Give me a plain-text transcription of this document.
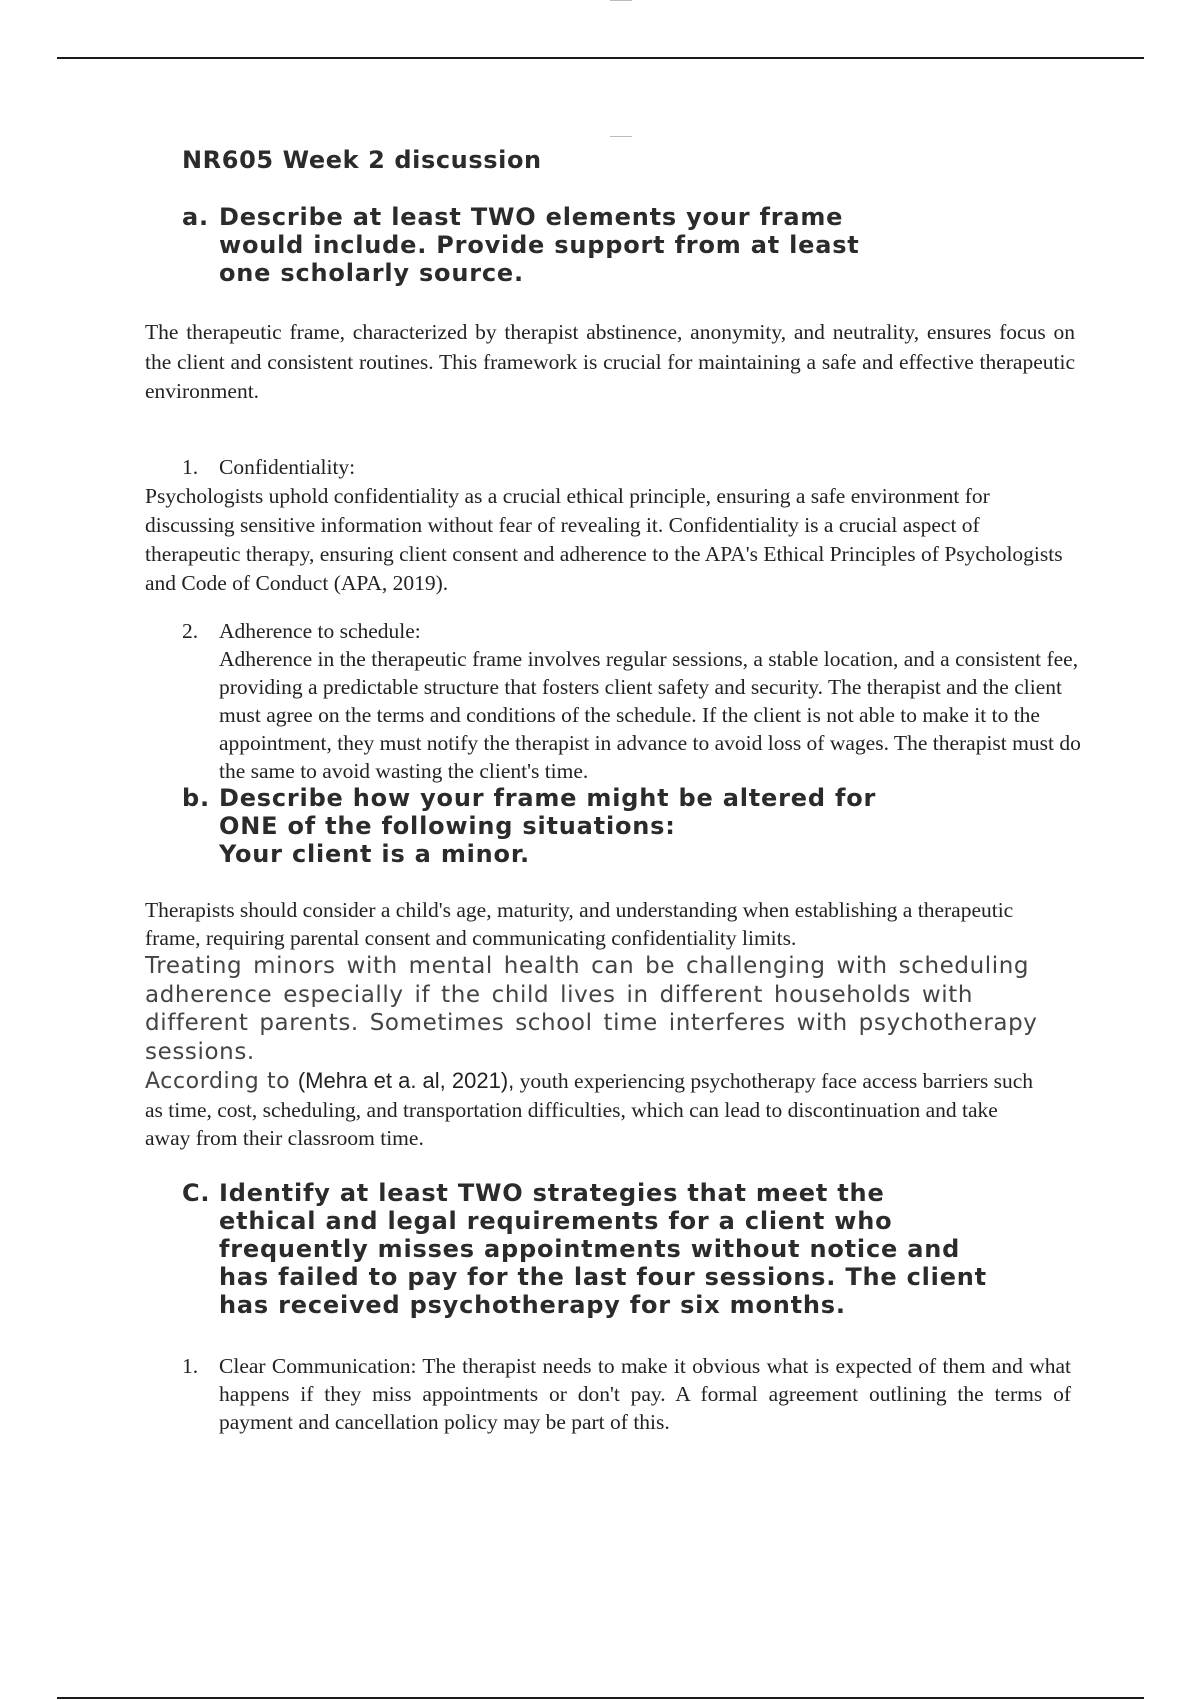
NR605 Week 2 discussion
a. Describe at least TWO elements your frame
would include. Provide support from at least
one scholarly source.
The therapeutic frame, characterized by therapist abstinence, anonymity, and neutrality, ensures focus on the client and consistent routines. This framework is crucial for maintaining a safe and effective therapeutic environment.
1. Confidentiality:
Psychologists uphold confidentiality as a crucial ethical principle, ensuring a safe environment for discussing sensitive information without fear of revealing it. Confidentiality is a crucial aspect of therapeutic therapy, ensuring client consent and adherence to the APA's Ethical Principles of Psychologists and Code of Conduct (APA, 2019).
2. Adherence to schedule:
Adherence in the therapeutic frame involves regular sessions, a stable location, and a consistent fee, providing a predictable structure that fosters client safety and security. The therapist and the client must agree on the terms and conditions of the schedule. If the client is not able to make it to the appointment, they must notify the therapist in advance to avoid loss of wages. The therapist must do the same to avoid wasting the client's time.
b. Describe how your frame might be altered for
ONE of the following situations:
Your client is a minor.
Therapists should consider a child's age, maturity, and understanding when establishing a therapeutic frame, requiring parental consent and communicating confidentiality limits.
Treating minors with mental health can be challenging with scheduling adherence especially if the child lives in different households with different parents. Sometimes school time interferes with psychotherapy sessions.
According to (Mehra et a. al, 2021), youth experiencing psychotherapy face access barriers such as time, cost, scheduling, and transportation difficulties, which can lead to discontinuation and take away from their classroom time.
C. Identify at least TWO strategies that meet the
ethical and legal requirements for a client who
frequently misses appointments without notice and
has failed to pay for the last four sessions. The client
has received psychotherapy for six months.
1. Clear Communication: The therapist needs to make it obvious what is expected of them and what happens if they miss appointments or don't pay. A formal agreement outlining the terms of payment and cancellation policy may be part of this.
